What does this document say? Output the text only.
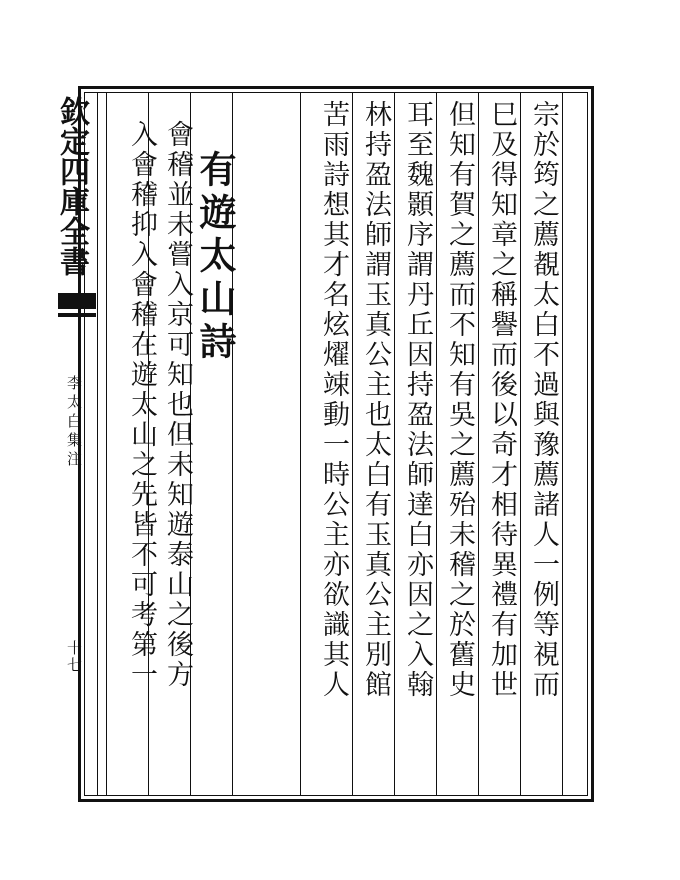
欽定四庫全書
李太白集注
十七	宗於筠之薦覩太白不過與豫薦諸人一例等視而
巳及得知章之稱譽而後以奇才相待異禮有加世
但知有賀之薦而不知有吳之薦殆未稽之於舊史
耳至魏顥序謂丹丘因持盈法師達白亦因之入翰
林持盈法師謂玉真公主也太白有玉真公主別館
苦雨詩想其才名炫燿竦動一時公主亦欲識其人
有遊太山詩
會稽並未嘗入京可知也但未知遊泰山之後方
入會稽抑入會稽在遊太山之先皆不可考第一
